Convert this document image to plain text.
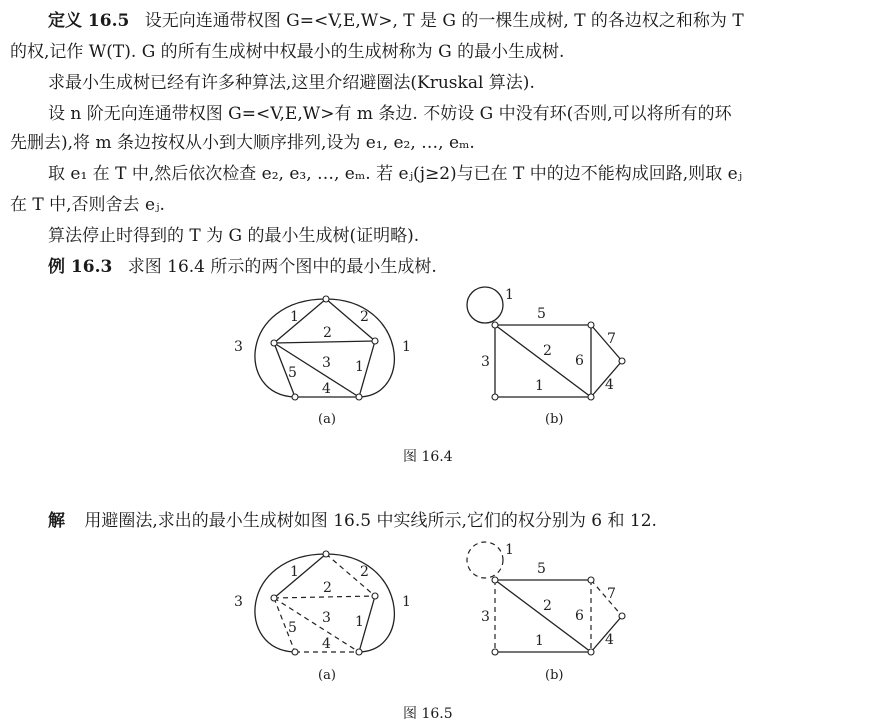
定义 16.5 设无向连通带权图 G=<V,E,W>, T 是 G 的一棵生成树, T 的各边权之和称为 T
的权,记作 W(T). G 的所有生成树中权最小的生成树称为 G 的最小生成树.
求最小生成树已经有许多种算法,这里介绍避圈法(Kruskal 算法).
设 n 阶无向连通带权图 G=<V,E,W>有 m 条边. 不妨设 G 中没有环(否则,可以将所有的环
先删去),将 m 条边按权从小到大顺序排列,设为 e₁, e₂, …, eₘ.
取 e₁ 在 T 中,然后依次检查 e₂, e₃, …, eₘ. 若 eⱼ(j≥2)与已在 T 中的边不能构成回路,则取 eⱼ
在 T 中,否则舍去 eⱼ.
算法停止时得到的 T 为 G 的最小生成树(证明略).
例 16.3 求图 16.4 所示的两个图中的最小生成树.
1	2
2
3
3
5	1
4
1
(a)
1
5
7
2
6
3
1	4
(b)
图 16.4
解 用避圈法,求出的最小生成树如图 16.5 中实线所示,它们的权分别为 6 和 12.
1	2
2
3
3
5	1
4
1
(a)
1
5
7
2
6
3
1	4
(b)
图 16.5
